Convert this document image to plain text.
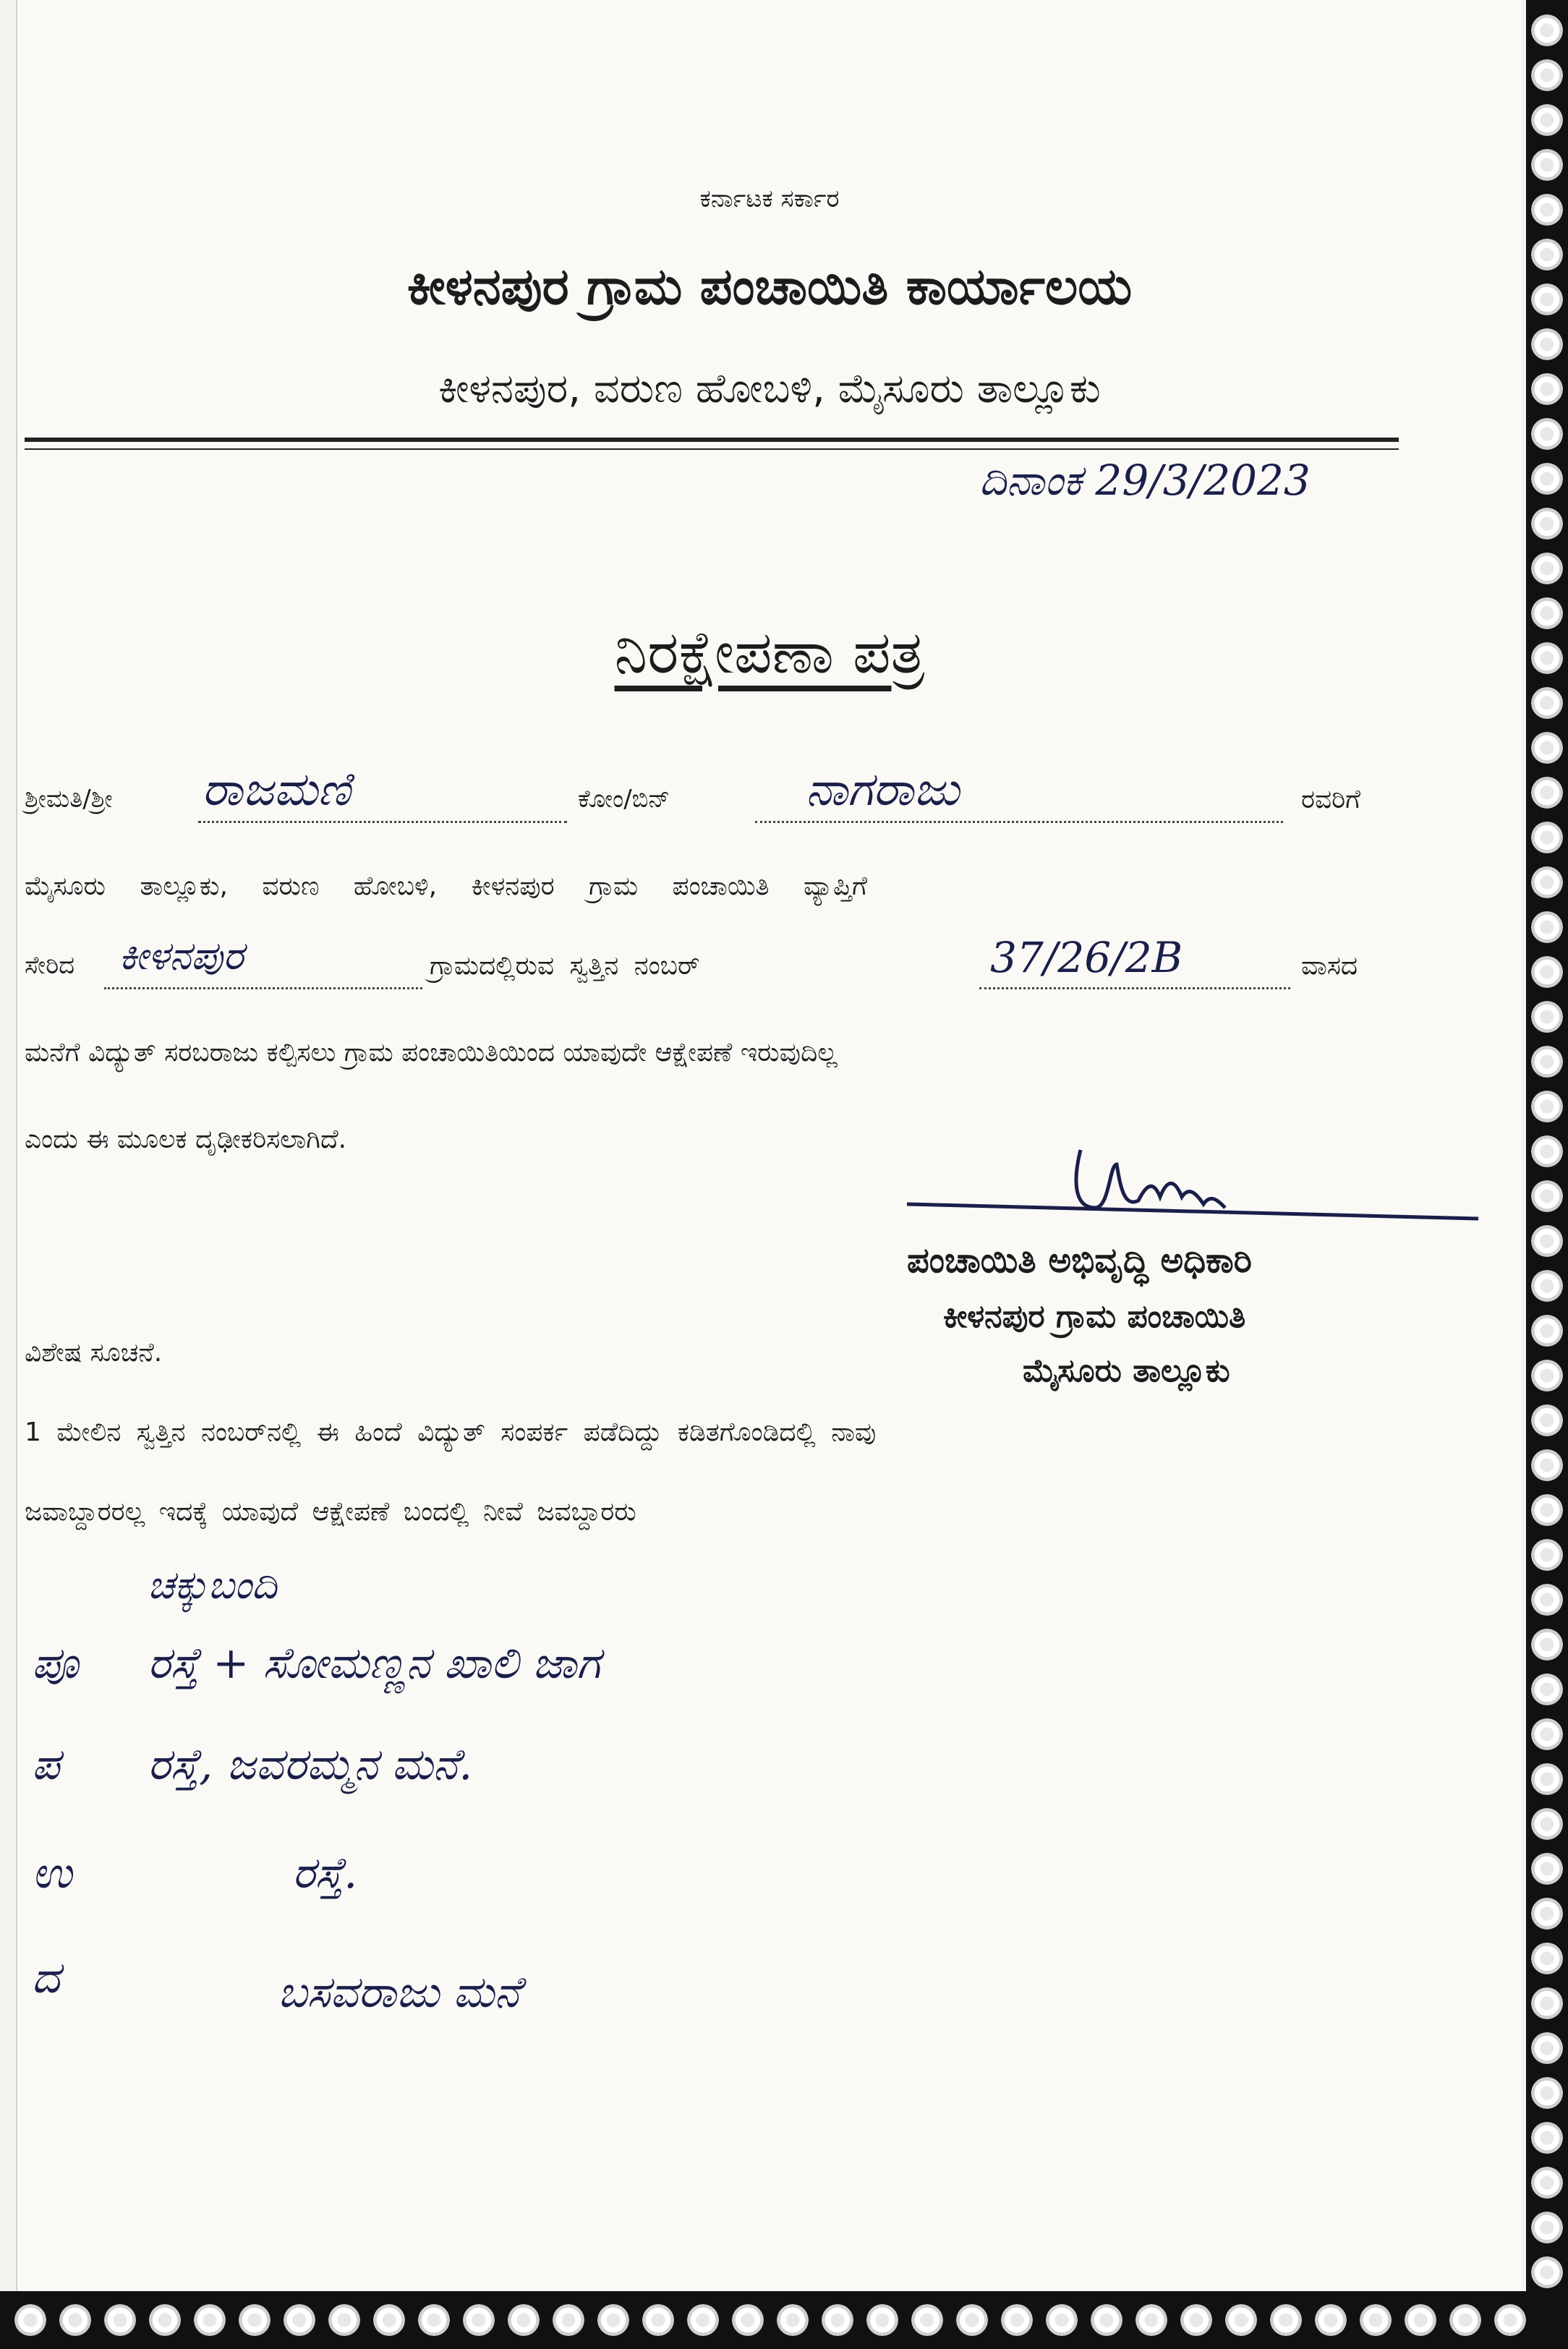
ಕರ್ನಾಟಕ ಸರ್ಕಾರ
ಕೀಳನಪುರ ಗ್ರಾಮ ಪಂಚಾಯಿತಿ ಕಾರ್ಯಾಲಯ
ಕೀಳನಪುರ, ವರುಣ ಹೋಬಳಿ, ಮೈಸೂರು ತಾಲ್ಲೂಕು
ದಿನಾಂಕ 29/3/2023
ನಿರಕ್ಷೇಪಣಾ ಪತ್ರ
ಶ್ರೀಮತಿ/ಶ್ರೀ ರಾಜಮಣಿ	ಕೋಂ/ಬಿನ್	ನಾಗರಾಜು	ರವರಿಗೆ
ಮೈಸೂರು ತಾಲ್ಲೂಕು, ವರುಣ ಹೋಬಳಿ, ಕೀಳನಪುರ ಗ್ರಾಮ ಪಂಚಾಯಿತಿ ವ್ಯಾಪ್ತಿಗೆ
ಸೇರಿದ ಕೀಳನಪುರ	ಗ್ರಾಮದಲ್ಲಿರುವ ಸ್ವತ್ತಿನ ನಂಬರ್	37/26/2B	ವಾಸದ
ಮನೆಗೆ ವಿದ್ಯುತ್ ಸರಬರಾಜು ಕಲ್ಪಿಸಲು ಗ್ರಾಮ ಪಂಚಾಯಿತಿಯಿಂದ ಯಾವುದೇ ಆಕ್ಷೇಪಣೆ ಇರುವುದಿಲ್ಲ
ಎಂದು ಈ ಮೂಲಕ ದೃಢೀಕರಿಸಲಾಗಿದೆ.
ಪಂಚಾಯಿತಿ ಅಭಿವೃದ್ಧಿ ಅಧಿಕಾರಿ
ಕೀಳನಪುರ ಗ್ರಾಮ ಪಂಚಾಯಿತಿ
ಮೈಸೂರು ತಾಲ್ಲೂಕು
ವಿಶೇಷ ಸೂಚನೆ.
1 ಮೇಲಿನ ಸ್ವತ್ತಿನ ನಂಬರ್‌ನಲ್ಲಿ ಈ ಹಿಂದೆ ವಿದ್ಯುತ್ ಸಂಪರ್ಕ ಪಡೆದಿದ್ದು ಕಡಿತಗೊಂಡಿದಲ್ಲಿ ನಾವು
ಜವಾಬ್ದಾರರಲ್ಲ ಇದಕ್ಕೆ ಯಾವುದೆ ಆಕ್ಷೇಪಣೆ ಬಂದಲ್ಲಿ ನೀವೆ ಜವಬ್ದಾರರು
ಚಕ್ಕುಬಂದಿ
ಪೂ ರಸ್ತೆ + ಸೋಮಣ್ಣನ ಖಾಲಿ ಜಾಗ
ಪ ರಸ್ತೆ, ಜವರಮ್ಮನ ಮನೆ.
ಉ	ರಸ್ತೆ.
ದ	ಬಸವರಾಜು ಮನೆ
